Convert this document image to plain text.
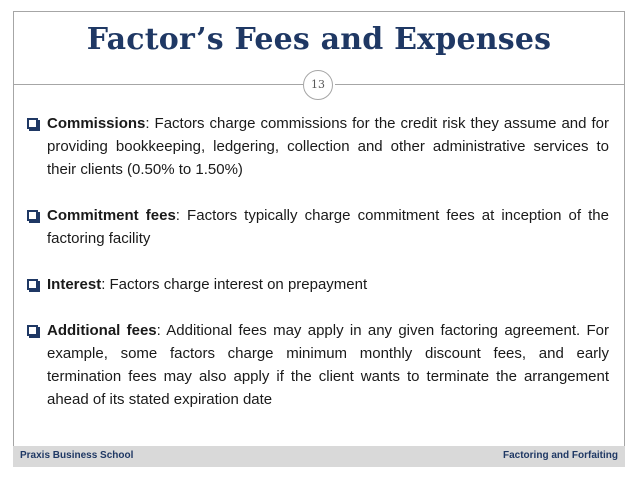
Factor’s Fees and Expenses
13
Commissions: Factors charge commissions for the credit risk they assume and for providing bookkeeping, ledgering, collection and other administrative services to their clients (0.50% to 1.50%)
Commitment fees: Factors typically charge commitment fees at inception of the factoring facility
Interest: Factors charge interest on prepayment
Additional fees: Additional fees may apply in any given factoring agreement. For example, some factors charge minimum monthly discount fees, and early termination fees may also apply if the client wants to terminate the arrangement ahead of its stated expiration date
Praxis Business School	Factoring and Forfaiting
